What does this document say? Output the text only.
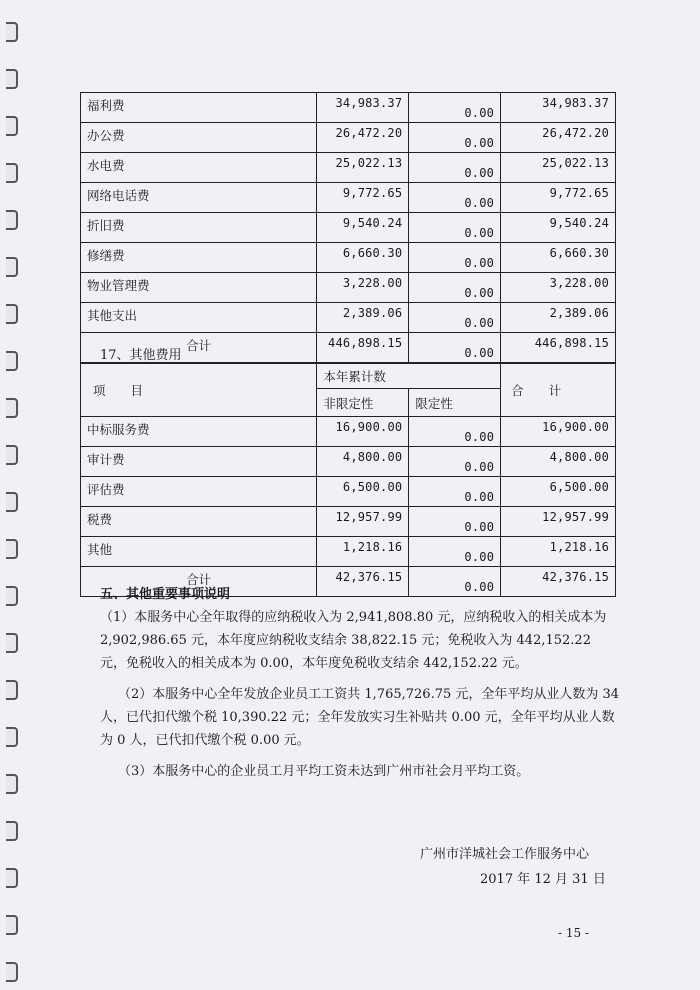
福利费	34,983.37	0.00	34,983.37
办公费	26,472.20	0.00	26,472.20
水电费	25,022.13	0.00	25,022.13
网络电话费	9,772.65	0.00	9,772.65
折旧费	9,540.24	0.00	9,540.24
修缮费	6,660.30	0.00	6,660.30
物业管理费	3,228.00	0.00	3,228.00
其他支出	2,389.06	0.00	2,389.06
合计	446,898.15	0.00	446,898.15
17、其他费用
项　　目	本年累计数		合　　计
	非限定性	限定性	
中标服务费	16,900.00	0.00	16,900.00
审计费	4,800.00	0.00	4,800.00
评估费	6,500.00	0.00	6,500.00
税费	12,957.99	0.00	12,957.99
其他	1,218.16	0.00	1,218.16
合计	42,376.15	0.00	42,376.15
五、其他重要事项说明
（1）本服务中心全年取得的应纳税收入为 2,941,808.80 元，应纳税收入的相关成本为 2,902,986.65 元，本年度应纳税收支结余 38,822.15 元；免税收入为 442,152.22 元，免税收入的相关成本为 0.00，本年度免税收支结余 442,152.22 元。
（2）本服务中心全年发放企业员工工资共 1,765,726.75 元，全年平均从业人数为 34 人，已代扣代缴个税 10,390.22 元；全年发放实习生补贴共 0.00 元，全年平均从业人数为 0 人，已代扣代缴个税 0.00 元。
（3）本服务中心的企业员工月平均工资未达到广州市社会月平均工资。
广州市洋城社会工作服务中心
2017 年 12 月 31 日
- 15 -
